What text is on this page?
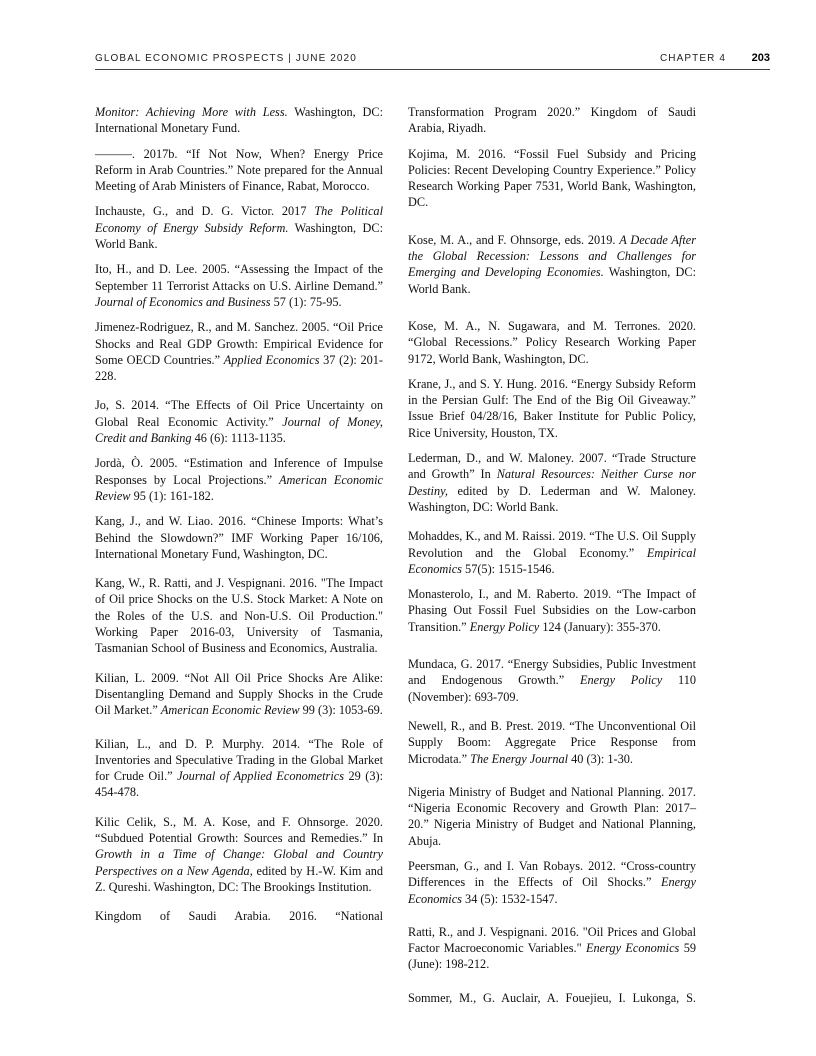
GLOBAL ECONOMIC PROSPECTS | JUNE 2020	CHAPTER 4 203

Monitor: Achieving More with Less. Washington, DC: International Monetary Fund.

———. 2017b. “If Not Now, When? Energy Price Reform in Arab Countries.” Note prepared for the Annual Meeting of Arab Ministers of Finance, Rabat, Morocco.

Inchauste, G., and D. G. Victor. 2017 The Political Economy of Energy Subsidy Reform. Washington, DC: World Bank.

Ito, H., and D. Lee. 2005. “Assessing the Impact of the September 11 Terrorist Attacks on U.S. Airline Demand.” Journal of Economics and Business 57 (1): 75-95.

Jimenez-Rodriguez, R., and M. Sanchez. 2005. “Oil Price Shocks and Real GDP Growth: Empirical Evidence for Some OECD Countries.” Applied Economics 37 (2): 201-228.

Jo, S. 2014. “The Effects of Oil Price Uncertainty on Global Real Economic Activity.” Journal of Money, Credit and Banking 46 (6): 1113-1135.

Jordà, Ò. 2005. “Estimation and Inference of Impulse Responses by Local Projections.” American Economic Review 95 (1): 161-182.

Kang, J., and W. Liao. 2016. “Chinese Imports: What’s Behind the Slowdown?” IMF Working Paper 16/106, International Monetary Fund, Washington, DC.

Kang, W., R. Ratti, and J. Vespignani. 2016. "The Impact of Oil price Shocks on the U.S. Stock Market: A Note on the Roles of the U.S. and Non-U.S. Oil Production." Working Paper 2016-03, University of Tasmania, Tasmanian School of Business and Economics, Australia.

Kilian, L. 2009. “Not All Oil Price Shocks Are Alike: Disentangling Demand and Supply Shocks in the Crude Oil Market.” American Economic Review 99 (3): 1053-69.

Kilian, L., and D. P. Murphy. 2014. “The Role of Inventories and Speculative Trading in the Global Market for Crude Oil.” Journal of Applied Econometrics 29 (3): 454-478.

Kilic Celik, S., M. A. Kose, and F. Ohnsorge. 2020. “Subdued Potential Growth: Sources and Remedies.” In Growth in a Time of Change: Global and Country Perspectives on a New Agenda, edited by H.-W. Kim and Z. Qureshi. Washington, DC: The Brookings Institution.

Kingdom of Saudi Arabia. 2016. “National

Transformation Program 2020.” Kingdom of Saudi Arabia, Riyadh.

Kojima, M. 2016. “Fossil Fuel Subsidy and Pricing Policies: Recent Developing Country Experience.” Policy Research Working Paper 7531, World Bank, Washington, DC.

Kose, M. A., and F. Ohnsorge, eds. 2019. A Decade After the Global Recession: Lessons and Challenges for Emerging and Developing Economies. Washington, DC: World Bank.

Kose, M. A., N. Sugawara, and M. Terrones. 2020. “Global Recessions.” Policy Research Working Paper 9172, World Bank, Washington, DC.

Krane, J., and S. Y. Hung. 2016. “Energy Subsidy Reform in the Persian Gulf: The End of the Big Oil Giveaway.” Issue Brief 04/28/16, Baker Institute for Public Policy, Rice University, Houston, TX.

Lederman, D., and W. Maloney. 2007. “Trade Structure and Growth” In Natural Resources: Neither Curse nor Destiny, edited by D. Lederman and W. Maloney. Washington, DC: World Bank.

Mohaddes, K., and M. Raissi. 2019. “The U.S. Oil Supply Revolution and the Global Economy.” Empirical Economics 57(5): 1515-1546.

Monasterolo, I., and M. Raberto. 2019. “The Impact of Phasing Out Fossil Fuel Subsidies on the Low-carbon Transition.” Energy Policy 124 (January): 355-370.

Mundaca, G. 2017. “Energy Subsidies, Public Investment and Endogenous Growth.” Energy Policy 110 (November): 693-709.

Newell, R., and B. Prest. 2019. “The Unconventional Oil Supply Boom: Aggregate Price Response from Microdata.” The Energy Journal 40 (3): 1-30.

Nigeria Ministry of Budget and National Planning. 2017. “Nigeria Economic Recovery and Growth Plan: 2017–20.” Nigeria Ministry of Budget and National Planning, Abuja.

Peersman, G., and I. Van Robays. 2012. “Cross-country Differences in the Effects of Oil Shocks.” Energy Economics 34 (5): 1532-1547.

Ratti, R., and J. Vespignani. 2016. "Oil Prices and Global Factor Macroeconomic Variables." Energy Economics 59 (June): 198-212.

Sommer, M., G. Auclair, A. Fouejieu, I. Lukonga, S.
